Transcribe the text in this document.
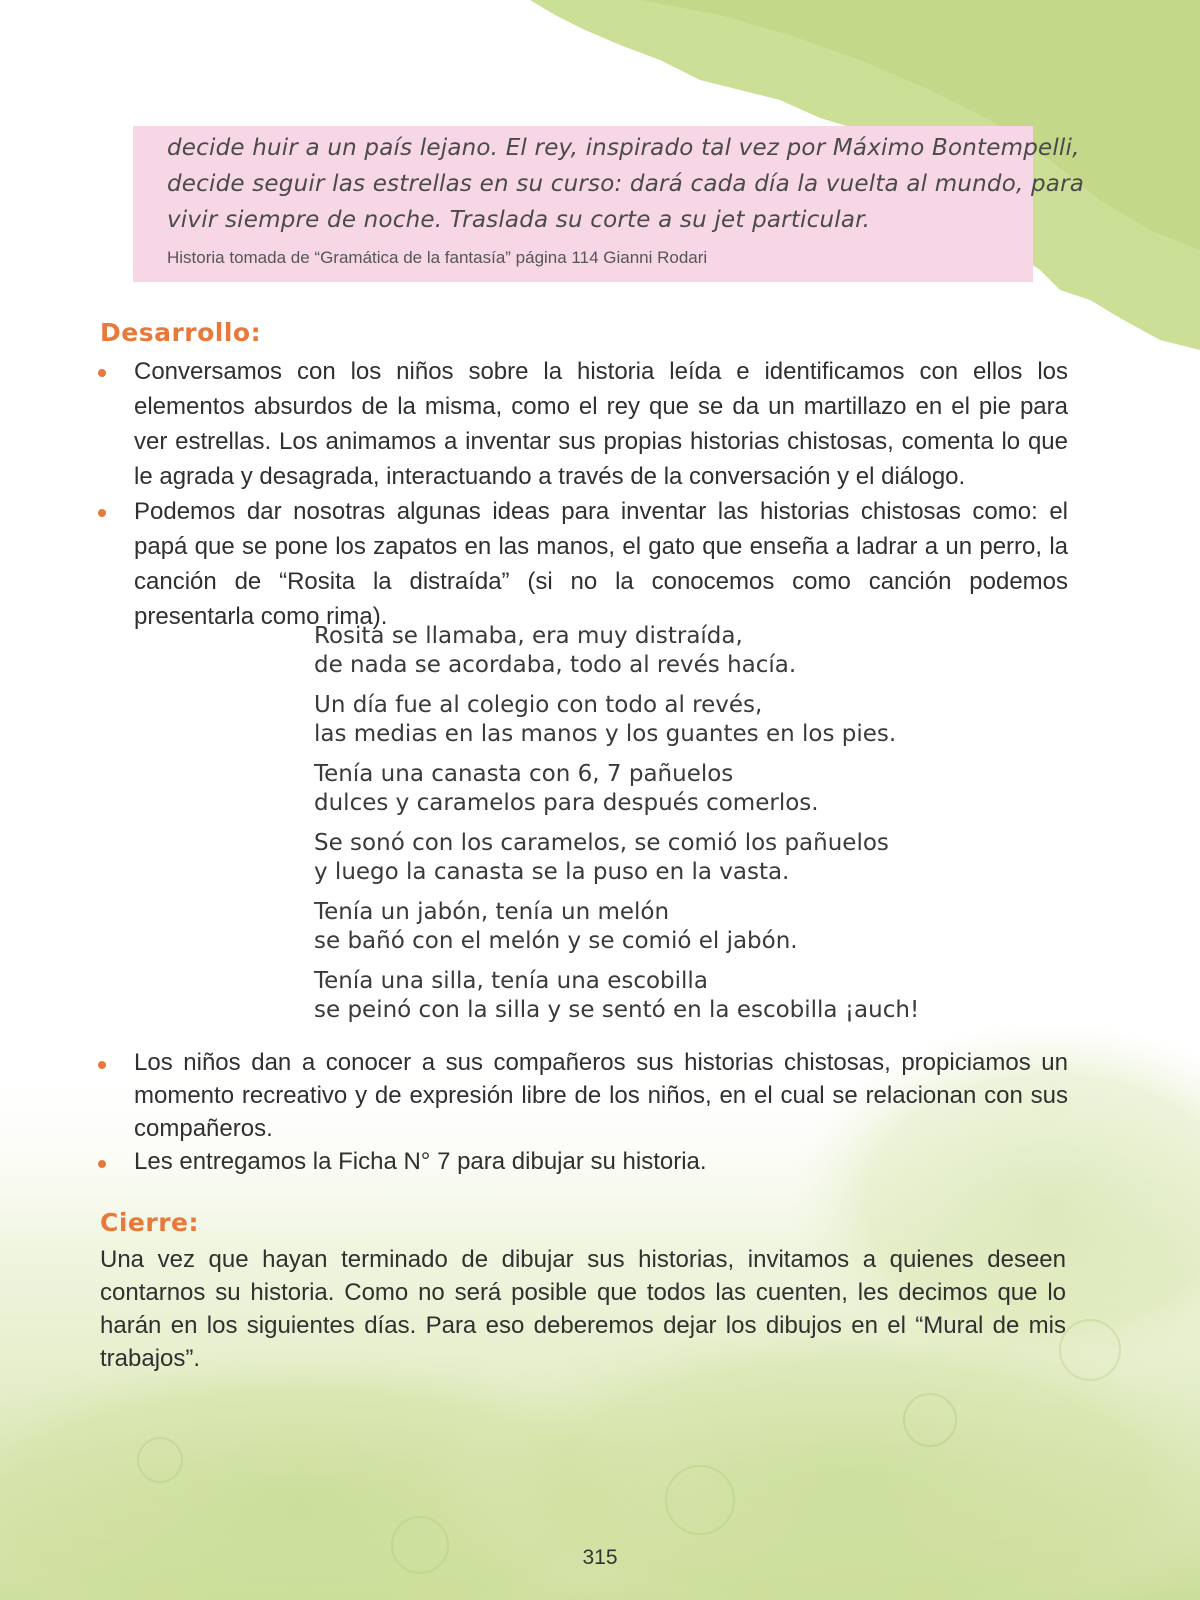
decide huir a un país lejano. El rey, inspirado tal vez por Máximo Bontempelli,
decide seguir las estrellas en su curso: dará cada día la vuelta al mundo, para
vivir siempre de noche. Traslada su corte a su jet particular.

Historia tomada de “Gramática de la fantasía” página 114 Gianni Rodari

Desarrollo:
Conversamos con los niños sobre la historia leída e identificamos con ellos los elementos absurdos de la misma, como el rey que se da un martillazo en el pie para ver estrellas. Los animamos a inventar sus propias historias chistosas, comenta lo que le agrada y desagrada, interactuando a través de la conversación y el diálogo.
Podemos dar nosotras algunas ideas para inventar las historias chistosas como: el papá que se pone los zapatos en las manos, el gato que enseña a ladrar a un perro, la canción de “Rosita la distraída” (si no la conocemos como canción podemos presentarla como rima).

Rosita se llamaba, era muy distraída,
de nada se acordaba, todo al revés hacía.

Un día fue al colegio con todo al revés,
las medias en las manos y los guantes en los pies.

Tenía una canasta con 6, 7 pañuelos
dulces y caramelos para después comerlos.

Se sonó con los caramelos, se comió los pañuelos
y luego la canasta se la puso en la vasta.

Tenía un jabón, tenía un melón
se bañó con el melón y se comió el jabón.

Tenía una silla, tenía una escobilla
se peinó con la silla y se sentó en la escobilla ¡auch!

Los niños dan a conocer a sus compañeros sus historias chistosas, propiciamos un momento recreativo y de expresión libre de los niños, en el cual se relacionan con sus compañeros.
Les entregamos la Ficha N° 7 para dibujar su historia.
Cierre:

Una vez que hayan terminado de dibujar sus historias, invitamos a quienes deseen contarnos su historia. Como no será posible que todos las cuenten, les decimos que lo harán en los siguientes días. Para eso deberemos dejar los dibujos en el “Mural de mis trabajos”.

315
